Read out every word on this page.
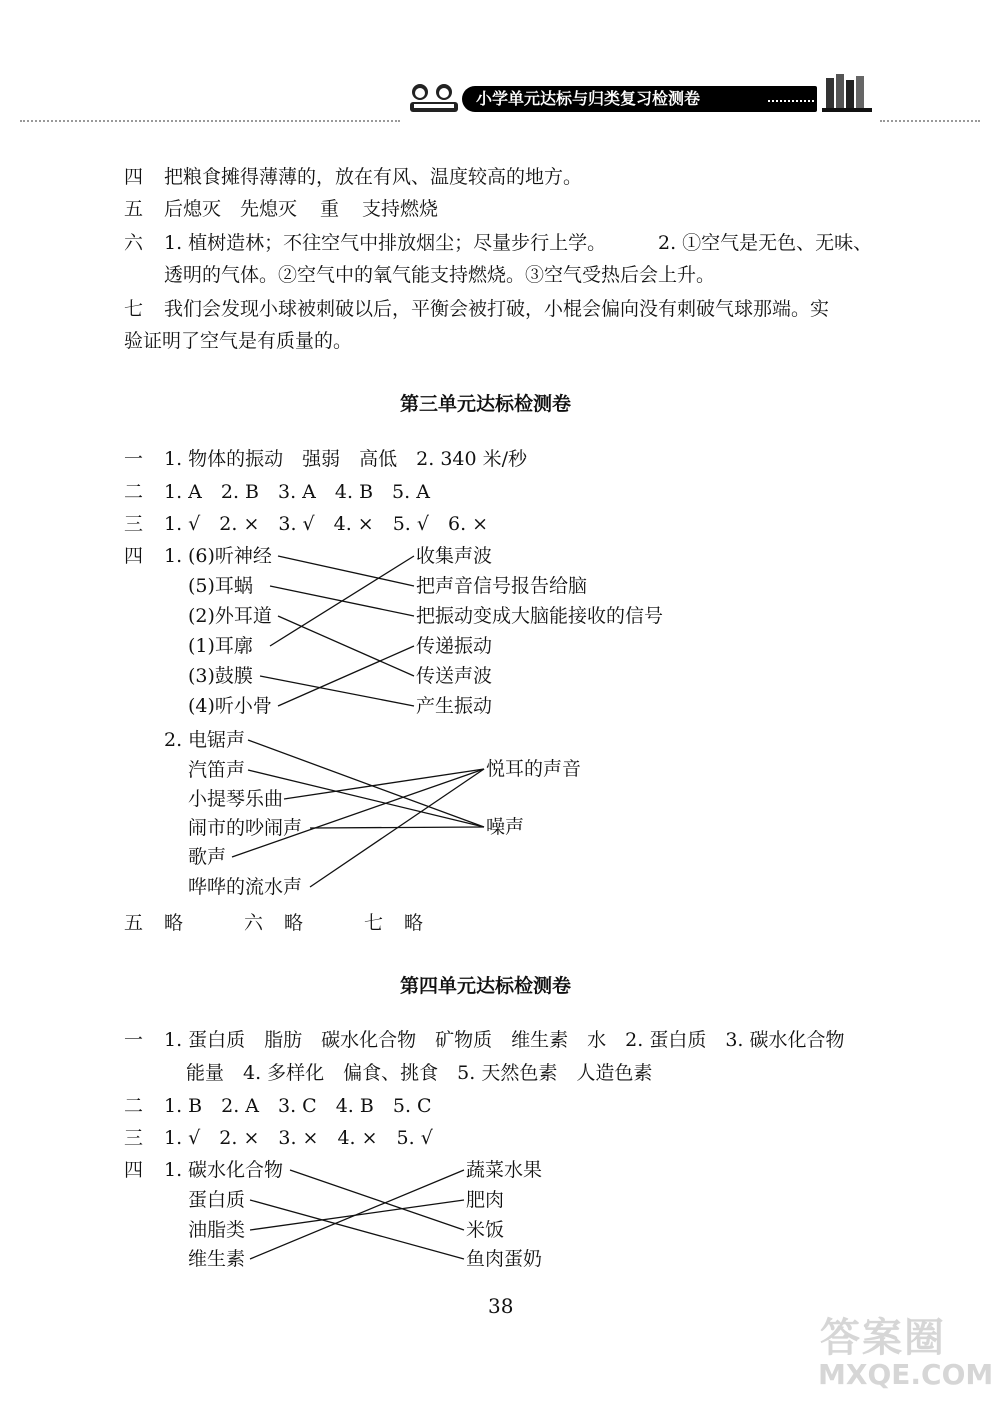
小学单元达标与归类复习检测卷
四 把粮食摊得薄薄的，放在有风、温度较高的地方。
五 后熄灭 先熄灭 重 支持燃烧
六 1. 植树造林；不往空气中排放烟尘；尽量步行上学。	2. ①空气是无色、无味、
透明的气体。②空气中的氧气能支持燃烧。③空气受热后会上升。
七 我们会发现小球被刺破以后，平衡会被打破，小棍会偏向没有刺破气球那端。实
验证明了空气是有质量的。
第三单元达标检测卷
一 1. 物体的振动　强弱　高低　2. 340 米/秒
二 1. A　2. B　3. A　4. B　5. A
三 1. √　2. ×　3. √　4. ×　5. √　6. ×
四 1. (6)听神经
(5)耳蜗
(2)外耳道
(1)耳廓
(3)鼓膜
(4)听小骨
收集声波
把声音信号报告给脑
把振动变成大脑能接收的信号
传递振动
传送声波
产生振动
2. 电锯声
汽笛声
小提琴乐曲
闹市的吵闹声
歌声
哗哗的流水声
悦耳的声音
噪声
五 略	六 略	七 略
第四单元达标检测卷
一 1. 蛋白质　脂肪　碳水化合物　矿物质　维生素　水　2. 蛋白质　3. 碳水化合物
能量　4. 多样化　偏食、挑食　5. 天然色素　人造色素
二 1. B　2. A　3. C　4. B　5. C
三 1. √　2. ×　3. ×　4. ×　5. √
四 1. 碳水化合物
蛋白质
油脂类
维生素
蔬菜水果
肥肉
米饭
鱼肉蛋奶
38
答案圈
MXQE.COM
